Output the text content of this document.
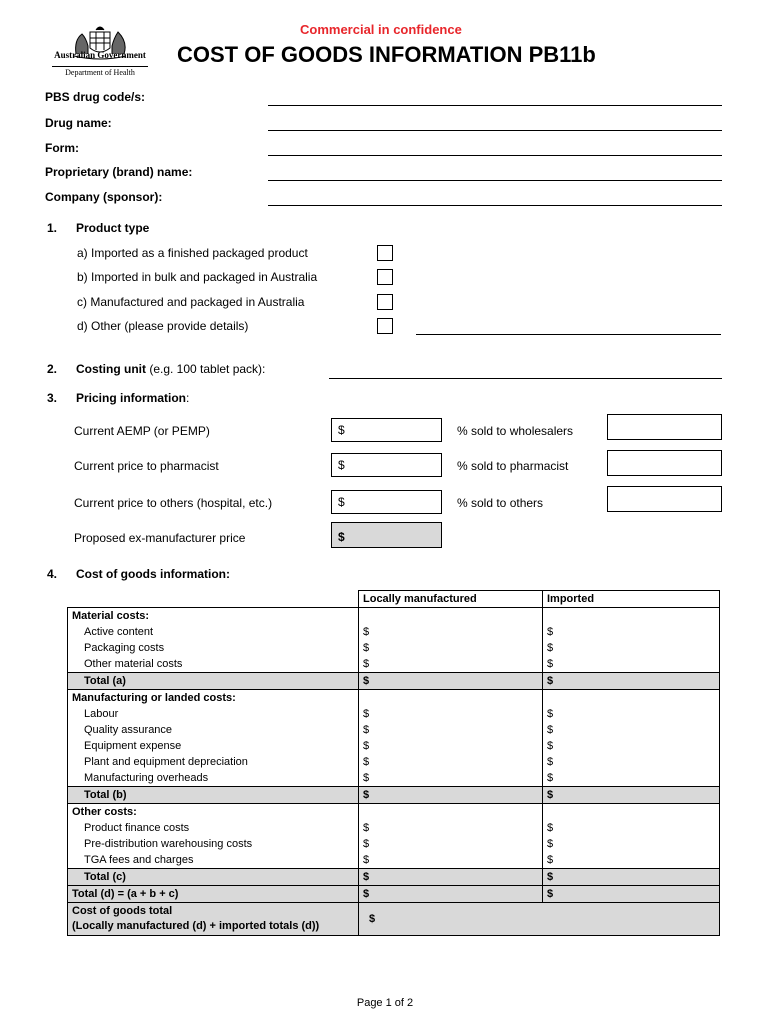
Australian Government
Department of Health
Commercial in confidence
COST OF GOODS INFORMATION PB11b
PBS drug code/s:
Drug name:
Form:
Proprietary (brand) name:
Company (sponsor):
1. Product type
a) Imported as a finished packaged product
b) Imported in bulk and packaged in Australia
c) Manufactured and packaged in Australia
d) Other (please provide details)
2. Costing unit (e.g. 100 tablet pack):
3. Pricing information:
Current AEMP (or PEMP)	$	% sold to wholesalers
Current price to pharmacist	$	% sold to pharmacist
Current price to others (hospital, etc.)	$	% sold to others
Proposed ex-manufacturer price	$
4. Cost of goods information:
	Locally manufactured	Imported
Material costs:		
Active content	$	$
Packaging costs	$	$
Other material costs	$	$
Total (a)	$	$
Manufacturing or landed costs:		
Labour	$	$
Quality assurance	$	$
Equipment expense	$	$
Plant and equipment depreciation	$	$
Manufacturing overheads	$	$
Total (b)	$	$
Other costs:		
Product finance costs	$	$
Pre-distribution warehousing costs	$	$
TGA fees and charges	$	$
Total (c)	$	$
Total (d) = (a + b + c)	$	$

Cost of goods total
(Locally manufactured (d) + imported totals (d))	$	
Page 1 of 2
